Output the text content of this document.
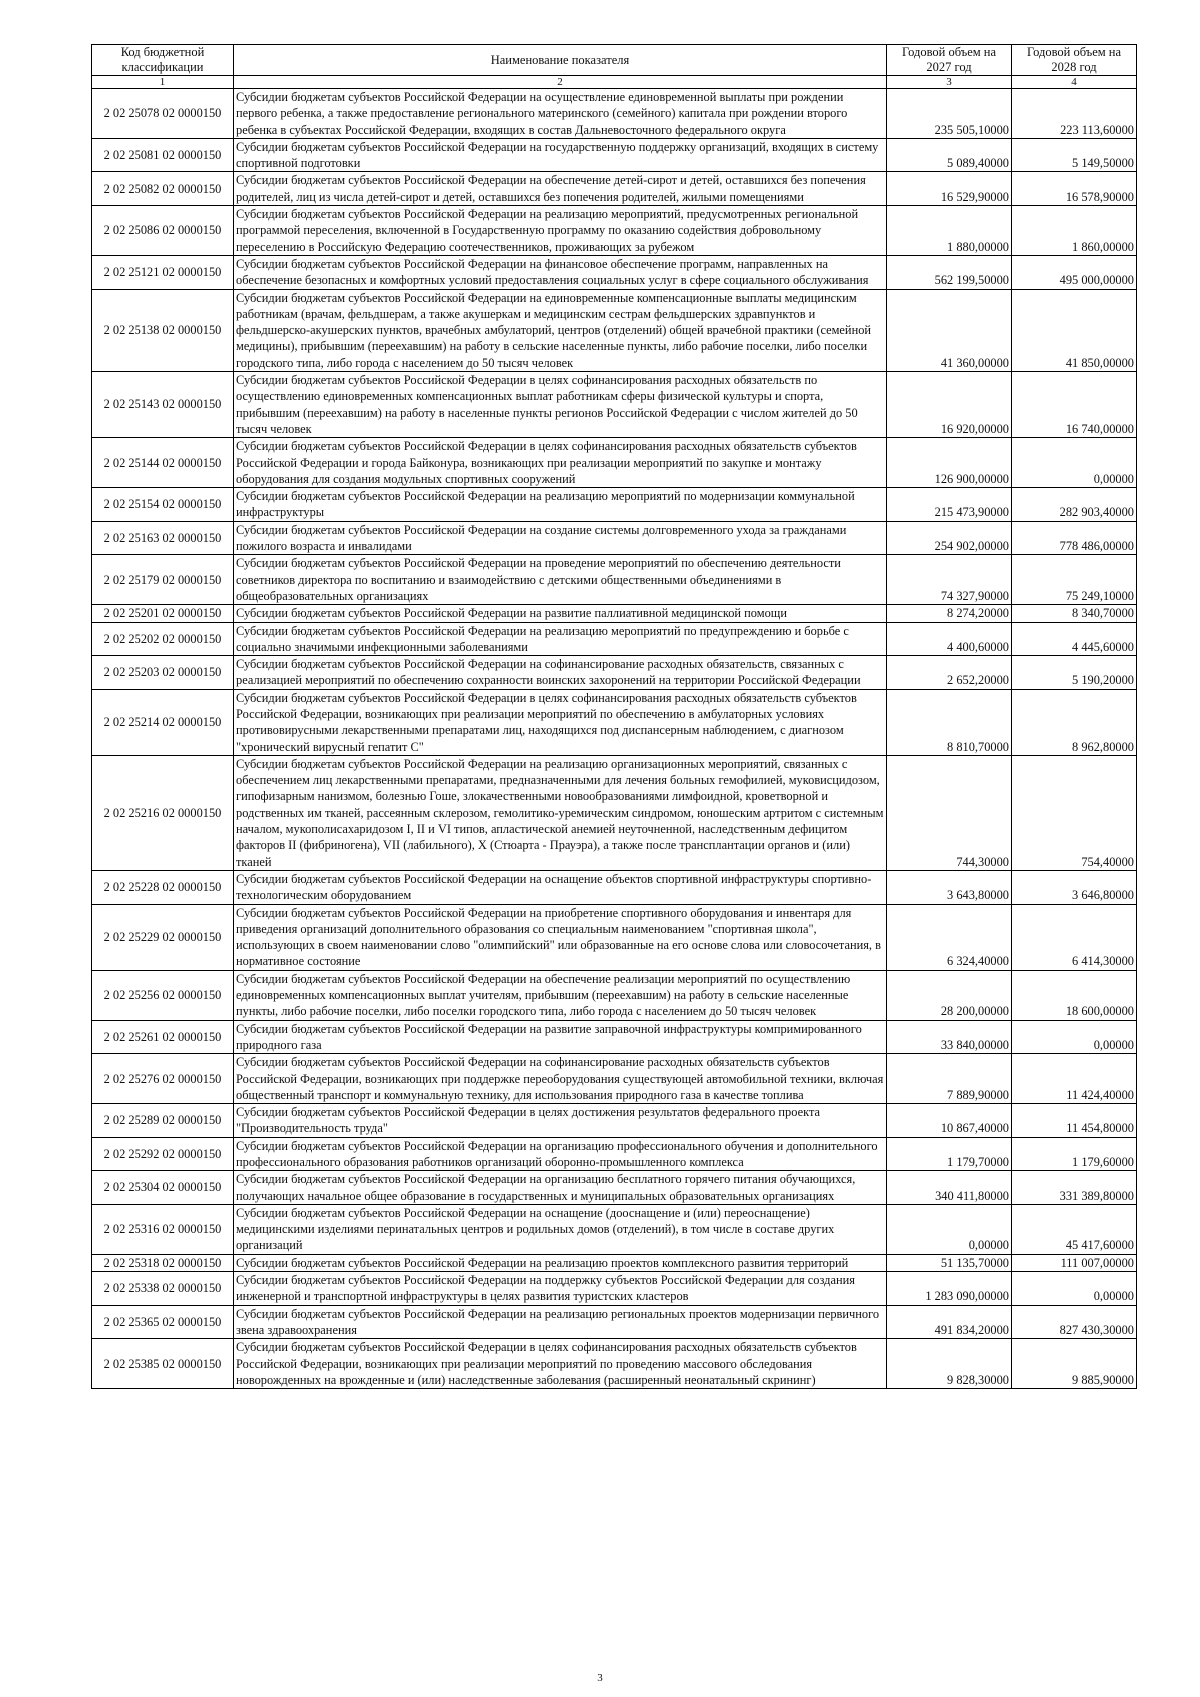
Код бюджетной классификации	Наименование показателя	Годовой объем на 2027 год	Годовой объем на 2028 год
1	2	3	4
2 02 25078 02 0000150	Субсидии бюджетам субъектов Российской Федерации на осуществление единовременной выплаты при рождении первого ребенка, а также предоставление регионального материнского (семейного) капитала при рождении второго ребенка в субъектах Российской Федерации, входящих в состав Дальневосточного федерального округа	235 505,10000	223 113,60000
2 02 25081 02 0000150	Субсидии бюджетам субъектов Российской Федерации на государственную поддержку организаций, входящих в систему спортивной подготовки	5 089,40000	5 149,50000
2 02 25082 02 0000150	Субсидии бюджетам субъектов Российской Федерации на обеспечение детей-сирот и детей, оставшихся без попечения родителей, лиц из числа детей-сирот и детей, оставшихся без попечения родителей, жилыми помещениями	16 529,90000	16 578,90000
2 02 25086 02 0000150	Субсидии бюджетам субъектов Российской Федерации на реализацию мероприятий, предусмотренных региональной программой переселения, включенной в Государственную программу по оказанию содействия добровольному переселению в Российскую Федерацию соотечественников, проживающих за рубежом	1 880,00000	1 860,00000
2 02 25121 02 0000150	Субсидии бюджетам субъектов Российской Федерации на финансовое обеспечение программ, направленных на обеспечение безопасных и комфортных условий предоставления социальных услуг в сфере социального обслуживания	562 199,50000	495 000,00000
2 02 25138 02 0000150	Субсидии бюджетам субъектов Российской Федерации на единовременные компенсационные выплаты медицинским работникам (врачам, фельдшерам, а также акушеркам и медицинским сестрам фельдшерских здравпунктов и фельдшерско-акушерских пунктов, врачебных амбулаторий, центров (отделений) общей врачебной практики (семейной медицины), прибывшим (переехавшим) на работу в сельские населенные пункты, либо рабочие поселки, либо поселки городского типа, либо города с населением до 50 тысяч человек	41 360,00000	41 850,00000
2 02 25143 02 0000150	Субсидии бюджетам субъектов Российской Федерации в целях софинансирования расходных обязательств по осуществлению единовременных компенсационных выплат работникам сферы физической культуры и спорта, прибывшим (переехавшим) на работу в населенные пункты регионов Российской Федерации с числом жителей до 50 тысяч человек	16 920,00000	16 740,00000
2 02 25144 02 0000150	Субсидии бюджетам субъектов Российской Федерации в целях софинансирования расходных обязательств субъектов Российской Федерации и города Байконура, возникающих при реализации мероприятий по закупке и монтажу оборудования для создания модульных спортивных сооружений	126 900,00000	0,00000
2 02 25154 02 0000150	Субсидии бюджетам субъектов Российской Федерации на реализацию мероприятий по модернизации коммунальной инфраструктуры	215 473,90000	282 903,40000
2 02 25163 02 0000150	Субсидии бюджетам субъектов Российской Федерации на создание системы долговременного ухода за гражданами пожилого возраста и инвалидами	254 902,00000	778 486,00000
2 02 25179 02 0000150	Субсидии бюджетам субъектов Российской Федерации на проведение мероприятий по обеспечению деятельности советников директора по воспитанию и взаимодействию с детскими общественными объединениями в общеобразовательных организациях	74 327,90000	75 249,10000
2 02 25201 02 0000150	Субсидии бюджетам субъектов Российской Федерации на развитие паллиативной медицинской помощи	8 274,20000	8 340,70000
2 02 25202 02 0000150	Субсидии бюджетам субъектов Российской Федерации на реализацию мероприятий по предупреждению и борьбе с социально значимыми инфекционными заболеваниями	4 400,60000	4 445,60000
2 02 25203 02 0000150	Субсидии бюджетам субъектов Российской Федерации на софинансирование расходных обязательств, связанных с реализацией мероприятий по обеспечению сохранности воинских захоронений на территории Российской Федерации	2 652,20000	5 190,20000
2 02 25214 02 0000150	Субсидии бюджетам субъектов Российской Федерации в целях софинансирования расходных обязательств субъектов Российской Федерации, возникающих при реализации мероприятий по обеспечению в амбулаторных условиях противовирусными лекарственными препаратами лиц, находящихся под диспансерным наблюдением, с диагнозом "хронический вирусный гепатит С"	8 810,70000	8 962,80000
2 02 25216 02 0000150	Субсидии бюджетам субъектов Российской Федерации на реализацию организационных мероприятий, связанных с обеспечением лиц лекарственными препаратами, предназначенными для лечения больных гемофилией, муковисцидозом, гипофизарным нанизмом, болезнью Гоше, злокачественными новообразованиями лимфоидной, кроветворной и родственных им тканей, рассеянным склерозом, гемолитико-уремическим синдромом, юношеским артритом с системным началом, мукополисахаридозом I, II и VI типов, апластической анемией неуточненной, наследственным дефицитом факторов II (фибриногена), VII (лабильного), X (Стюарта - Прауэра), а также после трансплантации органов и (или) тканей	744,30000	754,40000
2 02 25228 02 0000150	Субсидии бюджетам субъектов Российской Федерации на оснащение объектов спортивной инфраструктуры спортивно-технологическим оборудованием	3 643,80000	3 646,80000
2 02 25229 02 0000150	Субсидии бюджетам субъектов Российской Федерации на приобретение спортивного оборудования и инвентаря для приведения организаций дополнительного образования со специальным наименованием "спортивная школа", использующих в своем наименовании слово "олимпийский" или образованные на его основе слова или словосочетания, в нормативное состояние	6 324,40000	6 414,30000
2 02 25256 02 0000150	Субсидии бюджетам субъектов Российской Федерации на обеспечение реализации мероприятий по осуществлению единовременных компенсационных выплат учителям, прибывшим (переехавшим) на работу в сельские населенные пункты, либо рабочие поселки, либо поселки городского типа, либо города с населением до 50 тысяч человек	28 200,00000	18 600,00000
2 02 25261 02 0000150	Субсидии бюджетам субъектов Российской Федерации на развитие заправочной инфраструктуры компримированного природного газа	33 840,00000	0,00000
2 02 25276 02 0000150	Субсидии бюджетам субъектов Российской Федерации на софинансирование расходных обязательств субъектов Российской Федерации, возникающих при поддержке переоборудования существующей автомобильной техники, включая общественный транспорт и коммунальную технику, для использования природного газа в качестве топлива	7 889,90000	11 424,40000
2 02 25289 02 0000150	Субсидии бюджетам субъектов Российской Федерации в целях достижения результатов федерального проекта "Производительность труда"	10 867,40000	11 454,80000
2 02 25292 02 0000150	Субсидии бюджетам субъектов Российской Федерации на организацию профессионального обучения и дополнительного профессионального образования работников организаций оборонно-промышленного комплекса	1 179,70000	1 179,60000
2 02 25304 02 0000150	Субсидии бюджетам субъектов Российской Федерации на организацию бесплатного горячего питания обучающихся, получающих начальное общее образование в государственных и муниципальных образовательных организациях	340 411,80000	331 389,80000
2 02 25316 02 0000150	Субсидии бюджетам субъектов Российской Федерации на оснащение (дооснащение и (или) переоснащение) медицинскими изделиями перинатальных центров и родильных домов (отделений), в том числе в составе других организаций	0,00000	45 417,60000
2 02 25318 02 0000150	Субсидии бюджетам субъектов Российской Федерации на реализацию проектов комплексного развития территорий	51 135,70000	111 007,00000
2 02 25338 02 0000150	Субсидии бюджетам субъектов Российской Федерации на поддержку субъектов Российской Федерации для создания инженерной и транспортной инфраструктуры в целях развития туристских кластеров	1 283 090,00000	0,00000
2 02 25365 02 0000150	Субсидии бюджетам субъектов Российской Федерации на реализацию региональных проектов модернизации первичного звена здравоохранения	491 834,20000	827 430,30000
2 02 25385 02 0000150	Субсидии бюджетам субъектов Российской Федерации в целях софинансирования расходных обязательств субъектов Российской Федерации, возникающих при реализации мероприятий по проведению массового обследования новорожденных на врожденные и (или) наследственные заболевания (расширенный неонатальный скрининг)	9 828,30000	9 885,90000
3
